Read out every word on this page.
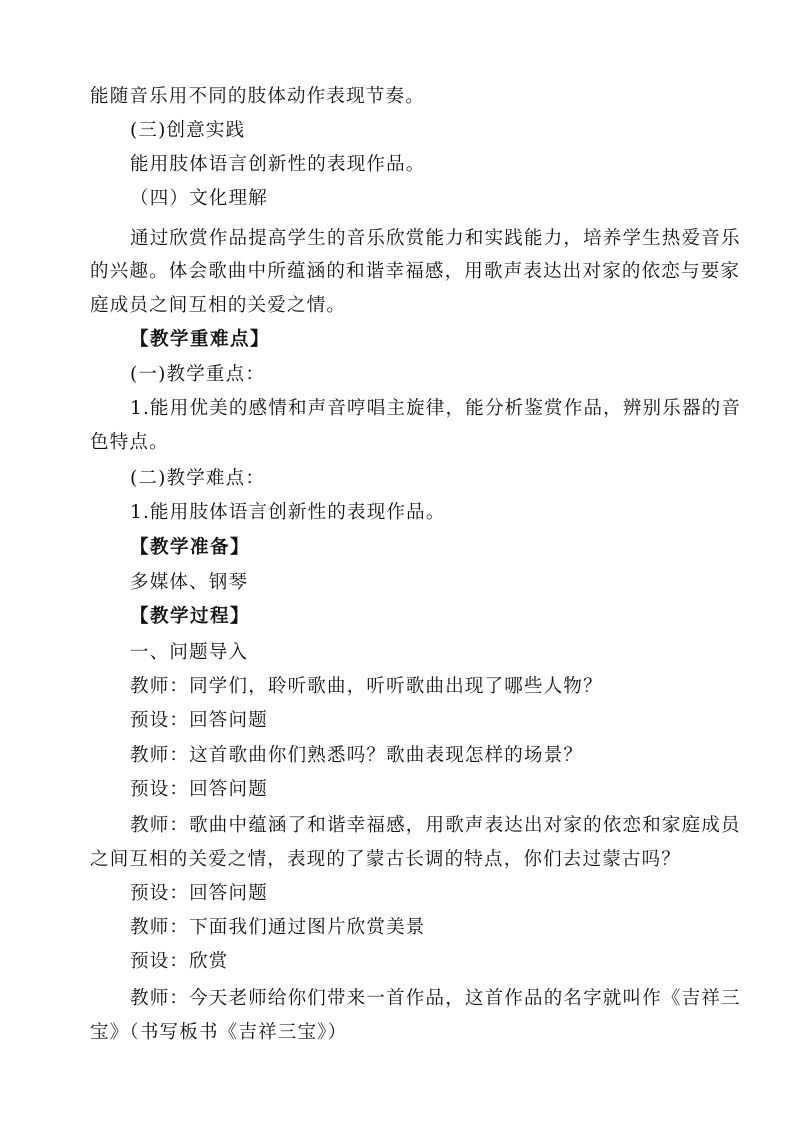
能随音乐用不同的肢体动作表现节奏。
(三)创意实践
能用肢体语言创新性的表现作品。
（四）文化理解
通过欣赏作品提高学生的音乐欣赏能力和实践能力，培养学生热爱音乐
的兴趣。体会歌曲中所蕴涵的和谐幸福感，用歌声表达出对家的依恋与要家
庭成员之间互相的关爱之情。
【教学重难点】
(一)教学重点：
1.能用优美的感情和声音哼唱主旋律，能分析鉴赏作品，辨别乐器的音
色特点。
(二)教学难点：
1.能用肢体语言创新性的表现作品。
【教学准备】
多媒体、钢琴
【教学过程】
一、问题导入
教师：同学们，聆听歌曲，听听歌曲出现了哪些人物？
预设：回答问题
教师：这首歌曲你们熟悉吗？歌曲表现怎样的场景？
预设：回答问题
教师：歌曲中蕴涵了和谐幸福感，用歌声表达出对家的依恋和家庭成员
之间互相的关爱之情，表现的了蒙古长调的特点，你们去过蒙古吗？
预设：回答问题
教师：下面我们通过图片欣赏美景
预设：欣赏
教师：今天老师给你们带来一首作品，这首作品的名字就叫作《吉祥三
宝》（书写板书《吉祥三宝》）
